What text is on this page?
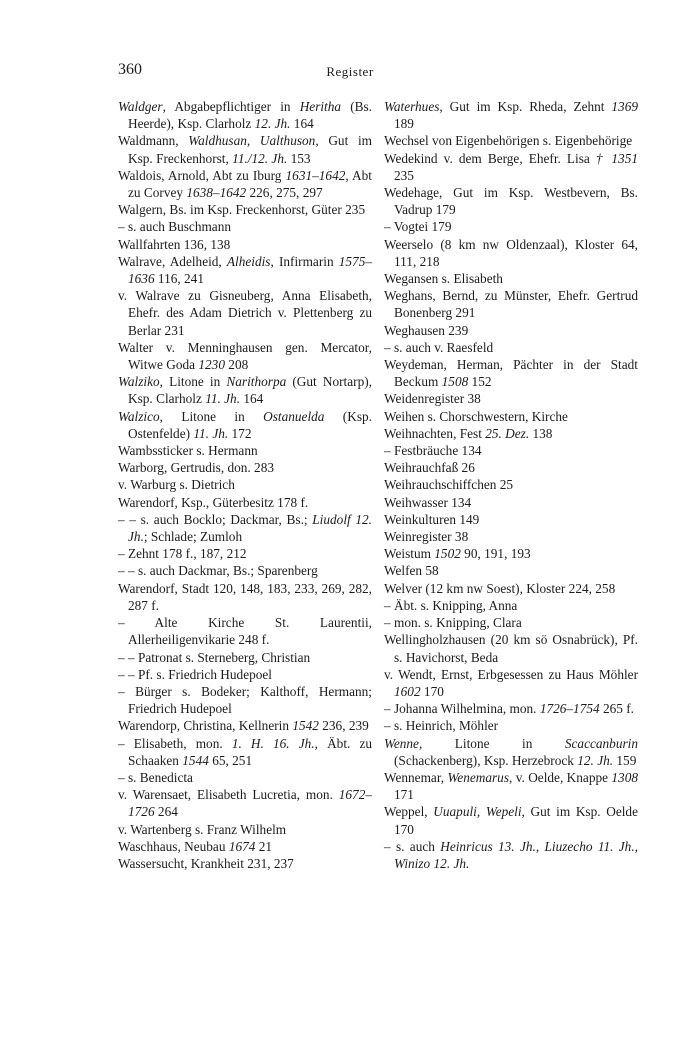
360	Register
Waldger, Abgabepflichtiger in Heritha (Bs. Heerde), Ksp. Clarholz 12. Jh. 164
Waldmann, Waldhusan, Ualthuson, Gut im Ksp. Freckenhorst, 11./12. Jh. 153
Waldois, Arnold, Abt zu Iburg 1631–1642, Abt zu Corvey 1638–1642 226, 275, 297
Walgern, Bs. im Ksp. Freckenhorst, Güter 235
– s. auch Buschmann
Wallfahrten 136, 138
Walrave, Adelheid, Alheidis, Infirmarin 1575–1636 116, 241
v. Walrave zu Gisneuberg, Anna Elisabeth, Ehefr. des Adam Dietrich v. Plettenberg zu Berlar 231
Walter v. Menninghausen gen. Mercator, Witwe Goda 1230 208
Walziko, Litone in Narithorpa (Gut Nortarp), Ksp. Clarholz 11. Jh. 164
Walzico, Litone in Ostanuelda (Ksp. Ostenfelde) 11. Jh. 172
Wambssticker s. Hermann
Warborg, Gertrudis, don. 283
v. Warburg s. Dietrich
Warendorf, Ksp., Güterbesitz 178 f.
– – s. auch Bocklo; Dackmar, Bs.; Liudolf 12. Jh.; Schlade; Zumloh
– Zehnt 178 f., 187, 212
– – s. auch Dackmar, Bs.; Sparenberg
Warendorf, Stadt 120, 148, 183, 233, 269, 282, 287 f.
– Alte Kirche St. Laurentii, Allerheiligenvikarie 248 f.
– – Patronat s. Sterneberg, Christian
– – Pf. s. Friedrich Hudepoel
– Bürger s. Bodeker; Kalthoff, Hermann; Friedrich Hudepoel
Warendorp, Christina, Kellnerin 1542 236, 239
– Elisabeth, mon. 1. H. 16. Jh., Äbt. zu Schaaken 1544 65, 251
– s. Benedicta
v. Warensaet, Elisabeth Lucretia, mon. 1672–1726 264
v. Wartenberg s. Franz Wilhelm
Waschhaus, Neubau 1674 21
Wassersucht, Krankheit 231, 237
Waterhues, Gut im Ksp. Rheda, Zehnt 1369 189
Wechsel von Eigenbehörigen s. Eigenbehörige
Wedekind v. dem Berge, Ehefr. Lisa † 1351 235
Wedehage, Gut im Ksp. Westbevern, Bs. Vadrup 179
– Vogtei 179
Weerselo (8 km nw Oldenzaal), Kloster 64, 111, 218
Wegansen s. Elisabeth
Weghans, Bernd, zu Münster, Ehefr. Gertrud Bonenberg 291
Weghausen 239
– s. auch v. Raesfeld
Weydeman, Herman, Pächter in der Stadt Beckum 1508 152
Weidenregister 38
Weihen s. Chorschwestern, Kirche
Weihnachten, Fest 25. Dez. 138
– Festbräuche 134
Weihrauchfaß 26
Weihrauchschiffchen 25
Weihwasser 134
Weinkulturen 149
Weinregister 38
Weistum 1502 90, 191, 193
Welfen 58
Welver (12 km nw Soest), Kloster 224, 258
– Äbt. s. Knipping, Anna
– mon. s. Knipping, Clara
Wellingholzhausen (20 km sö Osnabrück), Pf. s. Havichorst, Beda
v. Wendt, Ernst, Erbgesessen zu Haus Möhler 1602 170
– Johanna Wilhelmina, mon. 1726–1754 265 f.
– s. Heinrich, Möhler
Wenne, Litone in Scaccanburin (Schackenberg), Ksp. Herzebrock 12. Jh. 159
Wennemar, Wenemarus, v. Oelde, Knappe 1308 171
Weppel, Uuapuli, Wepeli, Gut im Ksp. Oelde 170
– s. auch Heinricus 13. Jh., Liuzecho 11. Jh., Winizo 12. Jh.
